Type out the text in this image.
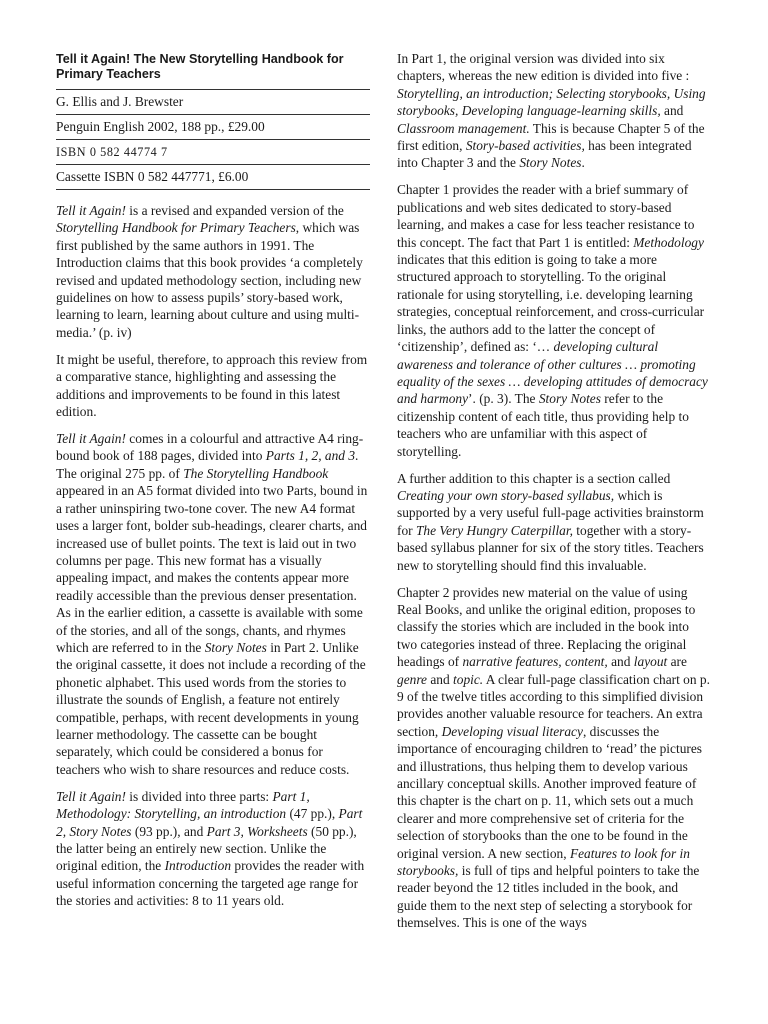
Tell it Again! The New Storytelling Handbook for Primary Teachers
G. Ellis and J. Brewster
Penguin English 2002, 188 pp., £29.00
ISBN 0 582 44774 7
Cassette ISBN 0 582 447771, £6.00

Tell it Again! is a revised and expanded version of the Storytelling Handbook for Primary Teachers, which was first published by the same authors in 1991. The Introduction claims that this book provides ‘a completely revised and updated methodology section, including new guidelines on how to assess pupils’ story-based work, learning to learn, learning about culture and using multi-media.’ (p. iv)

It might be useful, therefore, to approach this review from a comparative stance, highlighting and assessing the additions and improvements to be found in this latest edition.

Tell it Again! comes in a colourful and attractive A4 ring-bound book of 188 pages, divided into Parts 1, 2, and 3. The original 275 pp. of The Storytelling Handbook appeared in an A5 format divided into two Parts, bound in a rather uninspiring two-tone cover. The new A4 format uses a larger font, bolder sub-headings, clearer charts, and increased use of bullet points. The text is laid out in two columns per page. This new format has a visually appealing impact, and makes the contents appear more readily accessible than the previous denser presentation. As in the earlier edition, a cassette is available with some of the stories, and all of the songs, chants, and rhymes which are referred to in the Story Notes in Part 2. Unlike the original cassette, it does not include a recording of the phonetic alphabet. This used words from the stories to illustrate the sounds of English, a feature not entirely compatible, perhaps, with recent developments in young learner methodology. The cassette can be bought separately, which could be considered a bonus for teachers who wish to share resources and reduce costs.

Tell it Again! is divided into three parts: Part 1, Methodology: Storytelling, an introduction (47 pp.), Part 2, Story Notes (93 pp.), and Part 3, Worksheets (50 pp.), the latter being an entirely new section. Unlike the original edition, the Introduction provides the reader with useful information concerning the targeted age range for the stories and activities: 8 to 11 years old.

In Part 1, the original version was divided into six chapters, whereas the new edition is divided into five : Storytelling, an introduction; Selecting storybooks, Using storybooks, Developing language-learning skills, and Classroom management. This is because Chapter 5 of the first edition, Story-based activities, has been integrated into Chapter 3 and the Story Notes.

Chapter 1 provides the reader with a brief summary of publications and web sites dedicated to story-based learning, and makes a case for less teacher resistance to this concept. The fact that Part 1 is entitled: Methodology indicates that this edition is going to take a more structured approach to storytelling. To the original rationale for using storytelling, i.e. developing learning strategies, conceptual reinforcement, and cross-curricular links, the authors add to the latter the concept of ‘citizenship’, defined as: ‘… developing cultural awareness and tolerance of other cultures … promoting equality of the sexes … developing attitudes of democracy and harmony’. (p. 3). The Story Notes refer to the citizenship content of each title, thus providing help to teachers who are unfamiliar with this aspect of storytelling.

A further addition to this chapter is a section called Creating your own story-based syllabus, which is supported by a very useful full-page activities brainstorm for The Very Hungry Caterpillar, together with a story-based syllabus planner for six of the story titles. Teachers new to storytelling should find this invaluable.

Chapter 2 provides new material on the value of using Real Books, and unlike the original edition, proposes to classify the stories which are included in the book into two categories instead of three. Replacing the original headings of narrative features, content, and layout are genre and topic. A clear full-page classification chart on p. 9 of the twelve titles according to this simplified division provides another valuable resource for teachers. An extra section, Developing visual literacy, discusses the importance of encouraging children to ‘read’ the pictures and illustrations, thus helping them to develop various ancillary conceptual skills. Another improved feature of this chapter is the chart on p. 11, which sets out a much clearer and more comprehensive set of criteria for the selection of storybooks than the one to be found in the original version. A new section, Features to look for in storybooks, is full of tips and helpful pointers to take the reader beyond the 12 titles included in the book, and guide them to the next step of selecting a storybook for themselves. This is one of the ways
